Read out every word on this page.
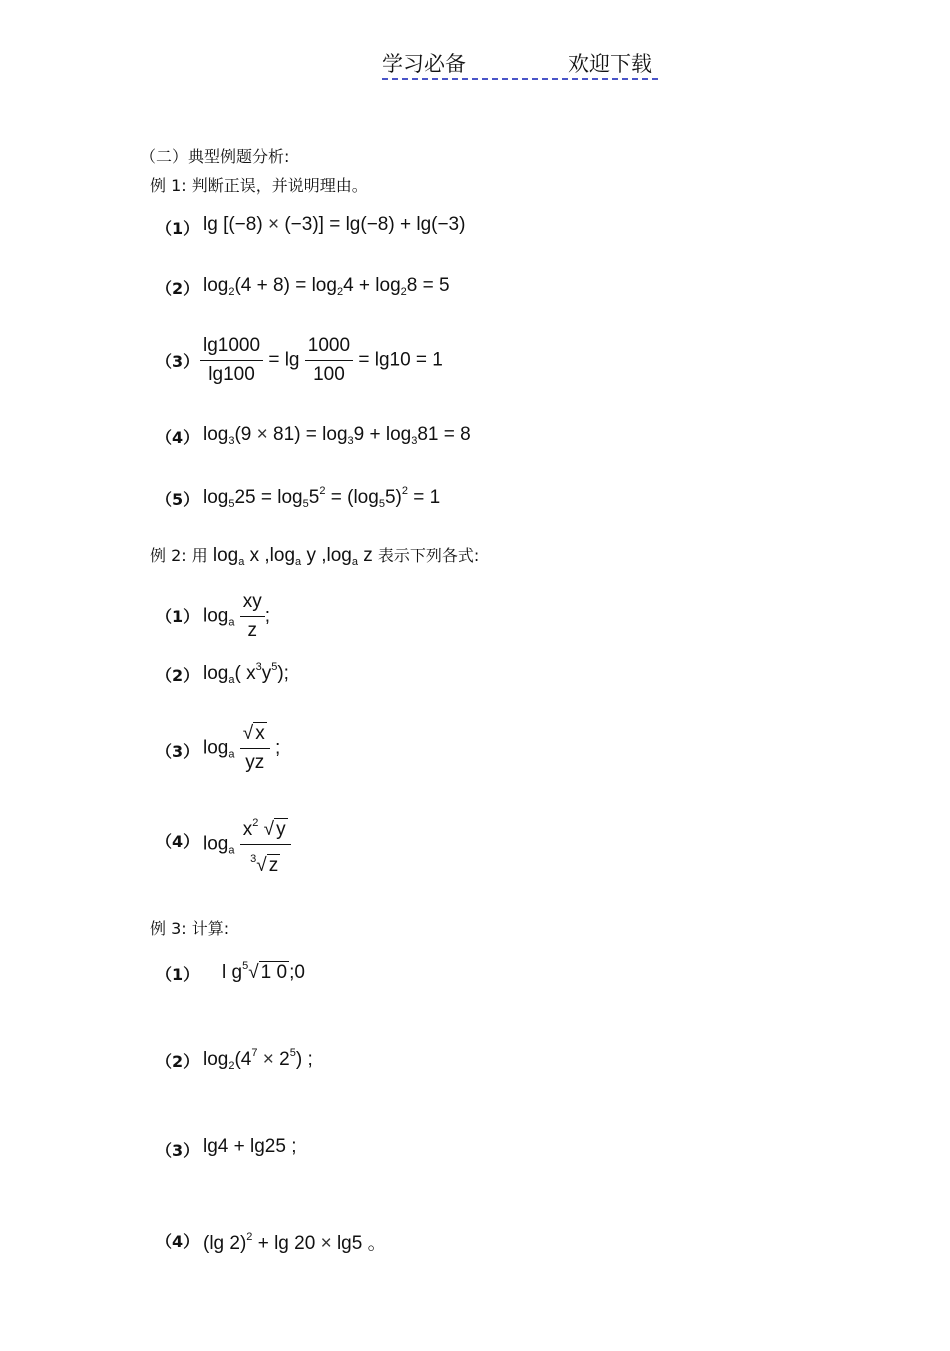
学习必备	欢迎下载
（二）典型例题分析:
例 1: 判断正误，并说明理由。
（1） lg [(−8) × (−3)] = lg(−8) + lg(−3)
（2） $\log_2(4 + 8) = \log_24 + \log_28 = 5$
$(3) \frac{\lg 1000}{\lg 100} = \lg \frac{1000}{100} = \lg 10 = 1$
（4） $\log_3(9 \times 81) = \log_39 + \log_381 = 8$
（5） $\log_525 = \log_55^2 = (\log_55)^2 = 1$
例 2: 用 $\log_a x$ $,\log_a$ y $,\log_a$ z 表示下列各式:
（1） $\log_a \frac{xy}{z}$ ;
（2） $\log_a$( $x^3y^5$);
（3） $\log_a \frac{√ x}{yz}$ ;
（4） $\log_a \frac{x^2 √ y}{^3√ z}$
例 3: 计算:
（1） l $g^5√$ 1 0 ;0
（2） $\log_2(4^7 \times 2^5)$ ;
（3） lg4 + lg25 ;
（4） (lg 2)$^2$ + lg 20 × lg5 。
